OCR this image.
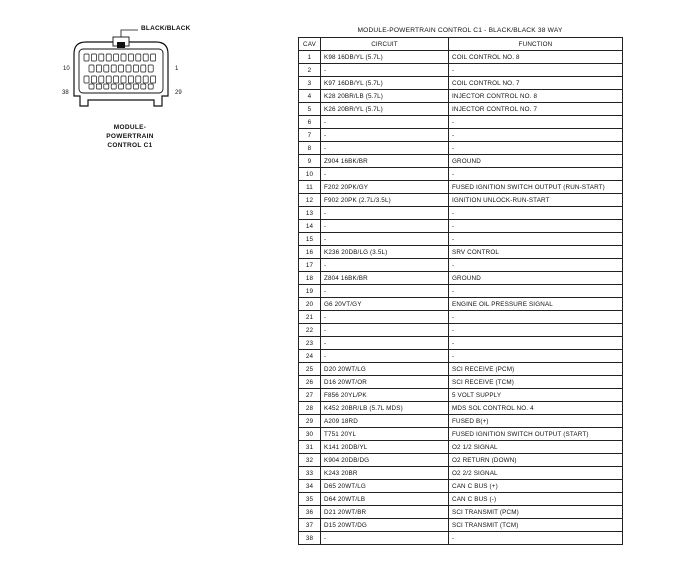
BLACK/BLACK
10	1
38	29
MODULE-
POWERTRAIN
CONTROL C1
MODULE-POWERTRAIN CONTROL C1 - BLACK/BLACK 38 WAY
CAV	CIRCUIT	FUNCTION
1	K98 16DB/YL (5.7L)	COIL CONTROL NO. 8
2	-	-
3	K97 16DB/YL (5.7L)	COIL CONTROL NO. 7
4	K28 20BR/LB (5.7L)	INJECTOR CONTROL NO. 8
5	K26 20BR/YL (5.7L)	INJECTOR CONTROL NO. 7
6	-	-
7	-	-
8	-	-
9	Z904 16BK/BR	GROUND
10	-	-
11	F202 20PK/GY	FUSED IGNITION SWITCH OUTPUT (RUN-START)
12	F902 20PK (2.7L/3.5L)	IGNITION UNLOCK-RUN-START
13	-	-
14	-	-
15	-	-
16	K236 20DB/LG (3.5L)	SRV CONTROL
17	-	-
18	Z804 16BK/BR	GROUND
19	-	-
20	G6 20VT/GY	ENGINE OIL PRESSURE SIGNAL
21	-	-
22	-	-
23	-	-
24	-	-
25	D20 20WT/LG	SCI RECEIVE (PCM)
26	D16 20WT/OR	SCI RECEIVE (TCM)
27	F856 20YL/PK	5 VOLT SUPPLY
28	K452 20BR/LB (5.7L MDS)	MDS SOL CONTROL NO. 4
29	A209 18RD	FUSED B(+)
30	T751 20YL	FUSED IGNITION SWITCH OUTPUT (START)
31	K141 20DB/YL	O2 1/2 SIGNAL
32	K904 20DB/DG	O2 RETURN (DOWN)
33	K243 20BR	O2 2/2 SIGNAL
34	D65 20WT/LG	CAN C BUS (+)
35	D64 20WT/LB	CAN C BUS (-)
36	D21 20WT/BR	SCI TRANSMIT (PCM)
37	D15 20WT/DG	SCI TRANSMIT (TCM)
38	-	-
